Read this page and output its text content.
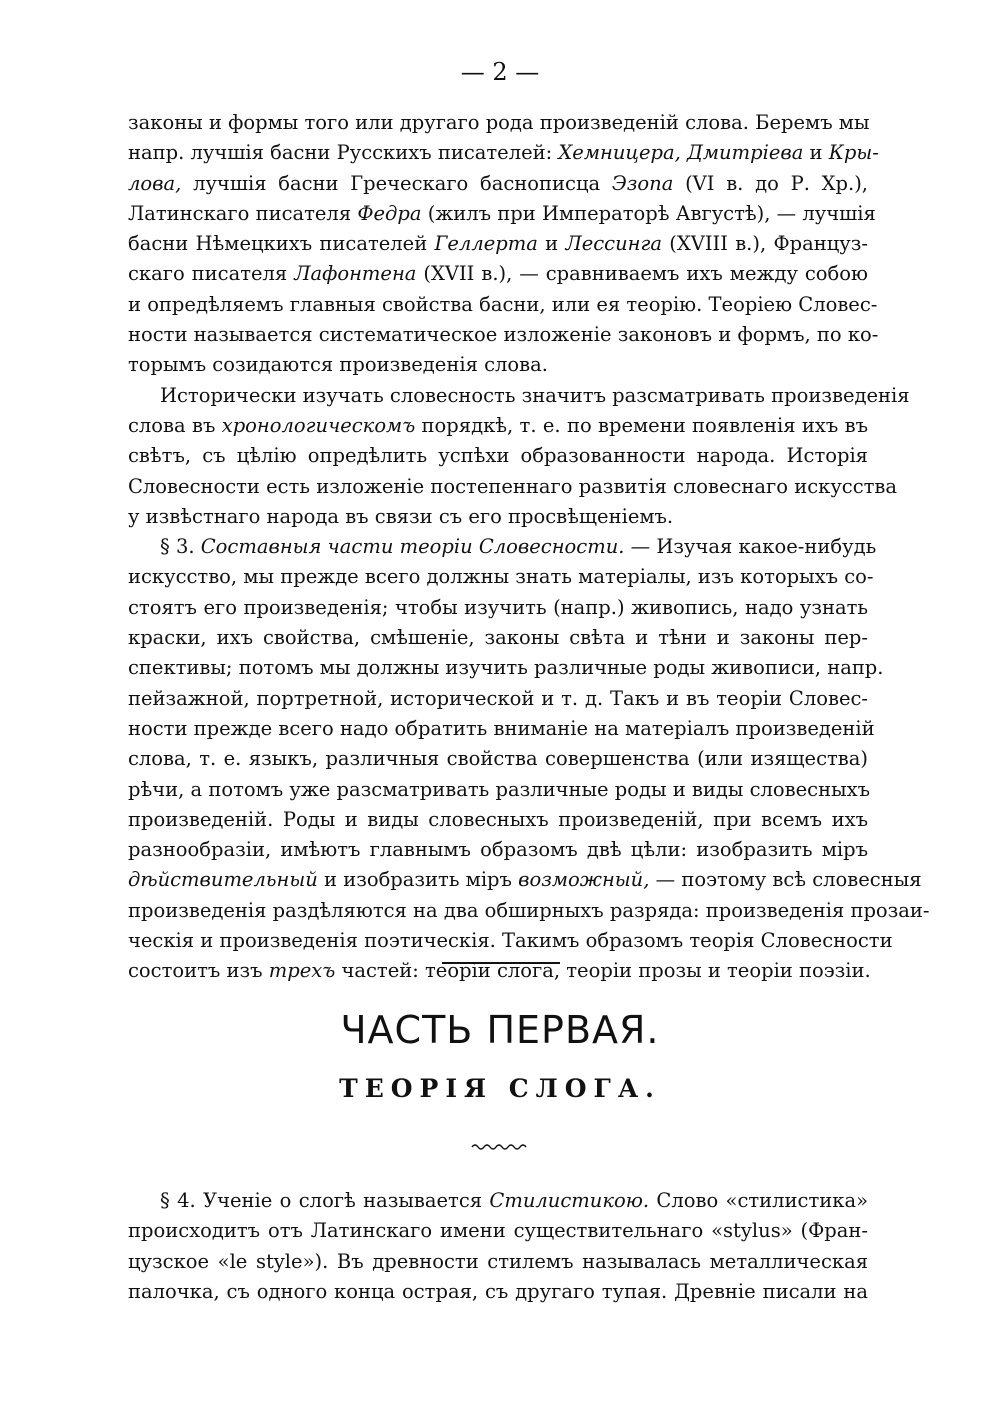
— 2 —
законы и формы того или другаго рода произведеній слова. Беремъ мы
напр. лучшія басни Русскихъ писателей: Хемницера, Дмитріева и Кры-
лова, лучшія басни Греческаго баснописца Эзопа (VI в. до Р. Хр.),
Латинскаго писателя Федра (жилъ при Императорѣ Августѣ), — лучшія
басни Нѣмецкихъ писателей Геллерта и Лессинга (XVIII в.), Француз-
скаго писателя Лафонтена (XVII в.), — сравниваемъ ихъ между собою
и опредѣляемъ главныя свойства басни, или ея теорію. Теоріею Словес-
ности называется систематическое изложеніе законовъ и формъ, по ко-
торымъ созидаются произведенія слова.
Исторически изучать словесность значитъ разсматривать произведенія
слова въ хронологическомъ порядкѣ, т. е. по времени появленія ихъ въ
свѣтъ, съ цѣлію опредѣлить успѣхи образованности народа. Исторія
Словесности есть изложеніе постепеннаго развитія словеснаго искусства
у извѣстнаго народа въ связи съ его просвѣщеніемъ.
§ 3. Составныя части теоріи Словесности. — Изучая какое-нибудь
искусство, мы прежде всего должны знать матеріалы, изъ которыхъ со-
стоятъ его произведенія; чтобы изучить (напр.) живопись, надо узнать
краски, ихъ свойства, смѣшеніе, законы свѣта и тѣни и законы пер-
спективы; потомъ мы должны изучить различные роды живописи, напр.
пейзажной, портретной, исторической и т. д. Такъ и въ теоріи Словес-
ности прежде всего надо обратить вниманіе на матеріалъ произведеній
слова, т. е. языкъ, различныя свойства совершенства (или изящества)
рѣчи, а потомъ уже разсматривать различные роды и виды словесныхъ
произведеній. Роды и виды словесныхъ произведеній, при всемъ ихъ
разнообразіи, имѣютъ главнымъ образомъ двѣ цѣли: изобразить міръ
дѣйствительный и изобразить міръ возможный, — поэтому всѣ словесныя
произведенія раздѣляются на два обширныхъ разряда: произведенія прозаи-
ческія и произведенія поэтическія. Такимъ образомъ теорія Словесности
состоитъ изъ трехъ частей: теоріи слога, теоріи прозы и теоріи поэзіи.
ЧАСТЬ ПЕРВАЯ.
ТЕОРІЯ СЛОГА.
§ 4. Ученіе о слогѣ называется Стилистикою. Слово «стилистика»
происходитъ отъ Латинскаго имени существительнаго «stylus» (Фран-
цузское «le style»). Въ древности стилемъ называлась металлическая
палочка, съ одного конца острая, съ другаго тупая. Древніе писали на
